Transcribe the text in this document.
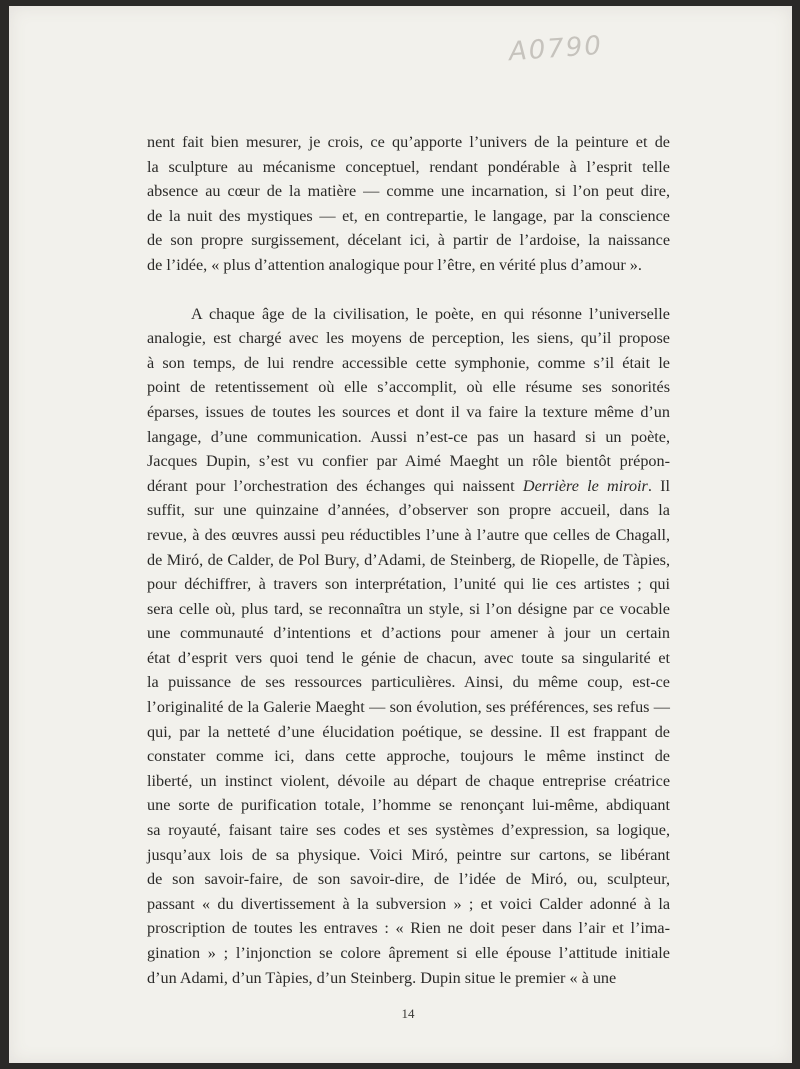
A0790
nent fait bien mesurer, je crois, ce qu’apporte l’univers de la peinture et de
la sculpture au mécanisme conceptuel, rendant pondérable à l’esprit telle
absence au cœur de la matière — comme une incarnation, si l’on peut dire,
de la nuit des mystiques — et, en contrepartie, le langage, par la conscience
de son propre surgissement, décelant ici, à partir de l’ardoise, la naissance
de l’idée, « plus d’attention analogique pour l’être, en vérité plus d’amour ».
A chaque âge de la civilisation, le poète, en qui résonne l’universelle
analogie, est chargé avec les moyens de perception, les siens, qu’il propose
à son temps, de lui rendre accessible cette symphonie, comme s’il était le
point de retentissement où elle s’accomplit, où elle résume ses sonorités
éparses, issues de toutes les sources et dont il va faire la texture même d’un
langage, d’une communication. Aussi n’est-ce pas un hasard si un poète,
Jacques Dupin, s’est vu confier par Aimé Maeght un rôle bientôt prépon-
dérant pour l’orchestration des échanges qui naissent Derrière le miroir. Il
suffit, sur une quinzaine d’années, d’observer son propre accueil, dans la
revue, à des œuvres aussi peu réductibles l’une à l’autre que celles de Chagall,
de Miró, de Calder, de Pol Bury, d’Adami, de Steinberg, de Riopelle, de Tàpies,
pour déchiffrer, à travers son interprétation, l’unité qui lie ces artistes ; qui
sera celle où, plus tard, se reconnaîtra un style, si l’on désigne par ce vocable
une communauté d’intentions et d’actions pour amener à jour un certain
état d’esprit vers quoi tend le génie de chacun, avec toute sa singularité et
la puissance de ses ressources particulières. Ainsi, du même coup, est-ce
l’originalité de la Galerie Maeght — son évolution, ses préférences, ses refus —
qui, par la netteté d’une élucidation poétique, se dessine. Il est frappant de
constater comme ici, dans cette approche, toujours le même instinct de
liberté, un instinct violent, dévoile au départ de chaque entreprise créatrice
une sorte de purification totale, l’homme se renonçant lui-même, abdiquant
sa royauté, faisant taire ses codes et ses systèmes d’expression, sa logique,
jusqu’aux lois de sa physique. Voici Miró, peintre sur cartons, se libérant
de son savoir-faire, de son savoir-dire, de l’idée de Miró, ou, sculpteur,
passant « du divertissement à la subversion » ; et voici Calder adonné à la
proscription de toutes les entraves : « Rien ne doit peser dans l’air et l’ima-
gination » ; l’injonction se colore âprement si elle épouse l’attitude initiale
d’un Adami, d’un Tàpies, d’un Steinberg. Dupin situe le premier « à une
14
